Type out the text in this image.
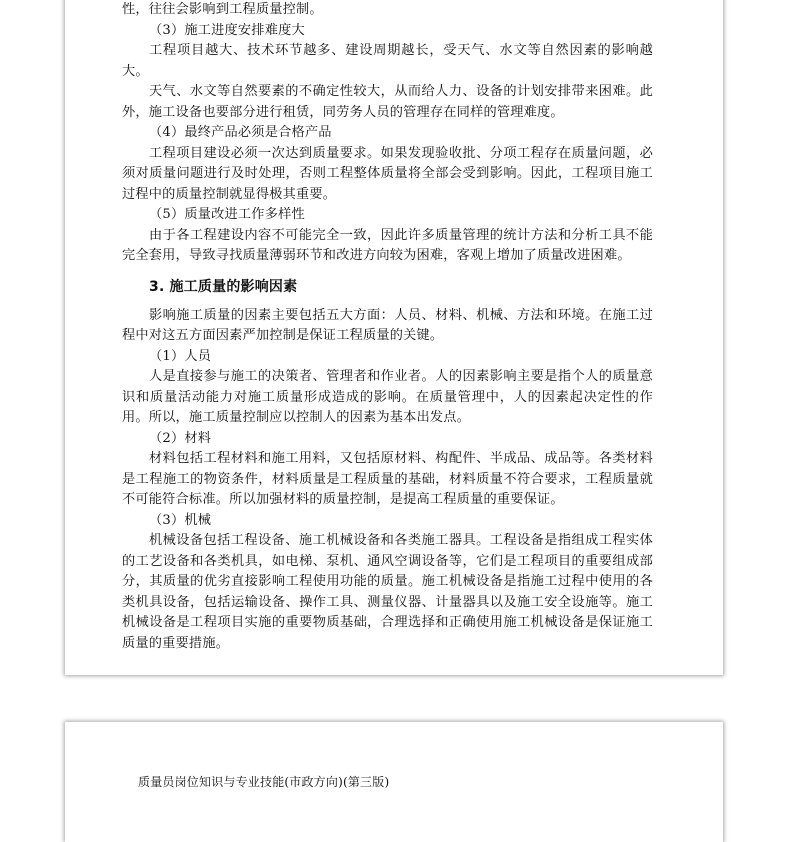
性，往往会影响到工程质量控制。

（3）施工进度安排难度大

工程项目越大、技术环节越多、建设周期越长，受天气、水文等自然因素的影响越大。

天气、水文等自然要素的不确定性较大，从而给人力、设备的计划安排带来困难。此外，施工设备也要部分进行租赁，同劳务人员的管理存在同样的管理难度。

（4）最终产品必须是合格产品

工程项目建设必须一次达到质量要求。如果发现验收批、分项工程存在质量问题，必须对质量问题进行及时处理，否则工程整体质量将全部会受到影响。因此，工程项目施工过程中的质量控制就显得极其重要。

（5）质量改进工作多样性

由于各工程建设内容不可能完全一致，因此许多质量管理的统计方法和分析工具不能完全套用，导致寻找质量薄弱环节和改进方向较为困难，客观上增加了质量改进困难。

3. 施工质量的影响因素

影响施工质量的因素主要包括五大方面：人员、材料、机械、方法和环境。在施工过程中对这五方面因素严加控制是保证工程质量的关键。

（1）人员

人是直接参与施工的决策者、管理者和作业者。人的因素影响主要是指个人的质量意识和质量活动能力对施工质量形成造成的影响。在质量管理中，人的因素起决定性的作用。所以，施工质量控制应以控制人的因素为基本出发点。

（2）材料

材料包括工程材料和施工用料，又包括原材料、构配件、半成品、成品等。各类材料是工程施工的物资条件，材料质量是工程质量的基础，材料质量不符合要求，工程质量就不可能符合标准。所以加强材料的质量控制，是提高工程质量的重要保证。

（3）机械

机械设备包括工程设备、施工机械设备和各类施工器具。工程设备是指组成工程实体的工艺设备和各类机具，如电梯、泵机、通风空调设备等，它们是工程项目的重要组成部分，其质量的优劣直接影响工程使用功能的质量。施工机械设备是指施工过程中使用的各类机具设备，包括运输设备、操作工具、测量仪器、计量器具以及施工安全设施等。施工机械设备是工程项目实施的重要物质基础，合理选择和正确使用施工机械设备是保证施工质量的重要措施。

质量员岗位知识与专业技能(市政方向)(第三版)
